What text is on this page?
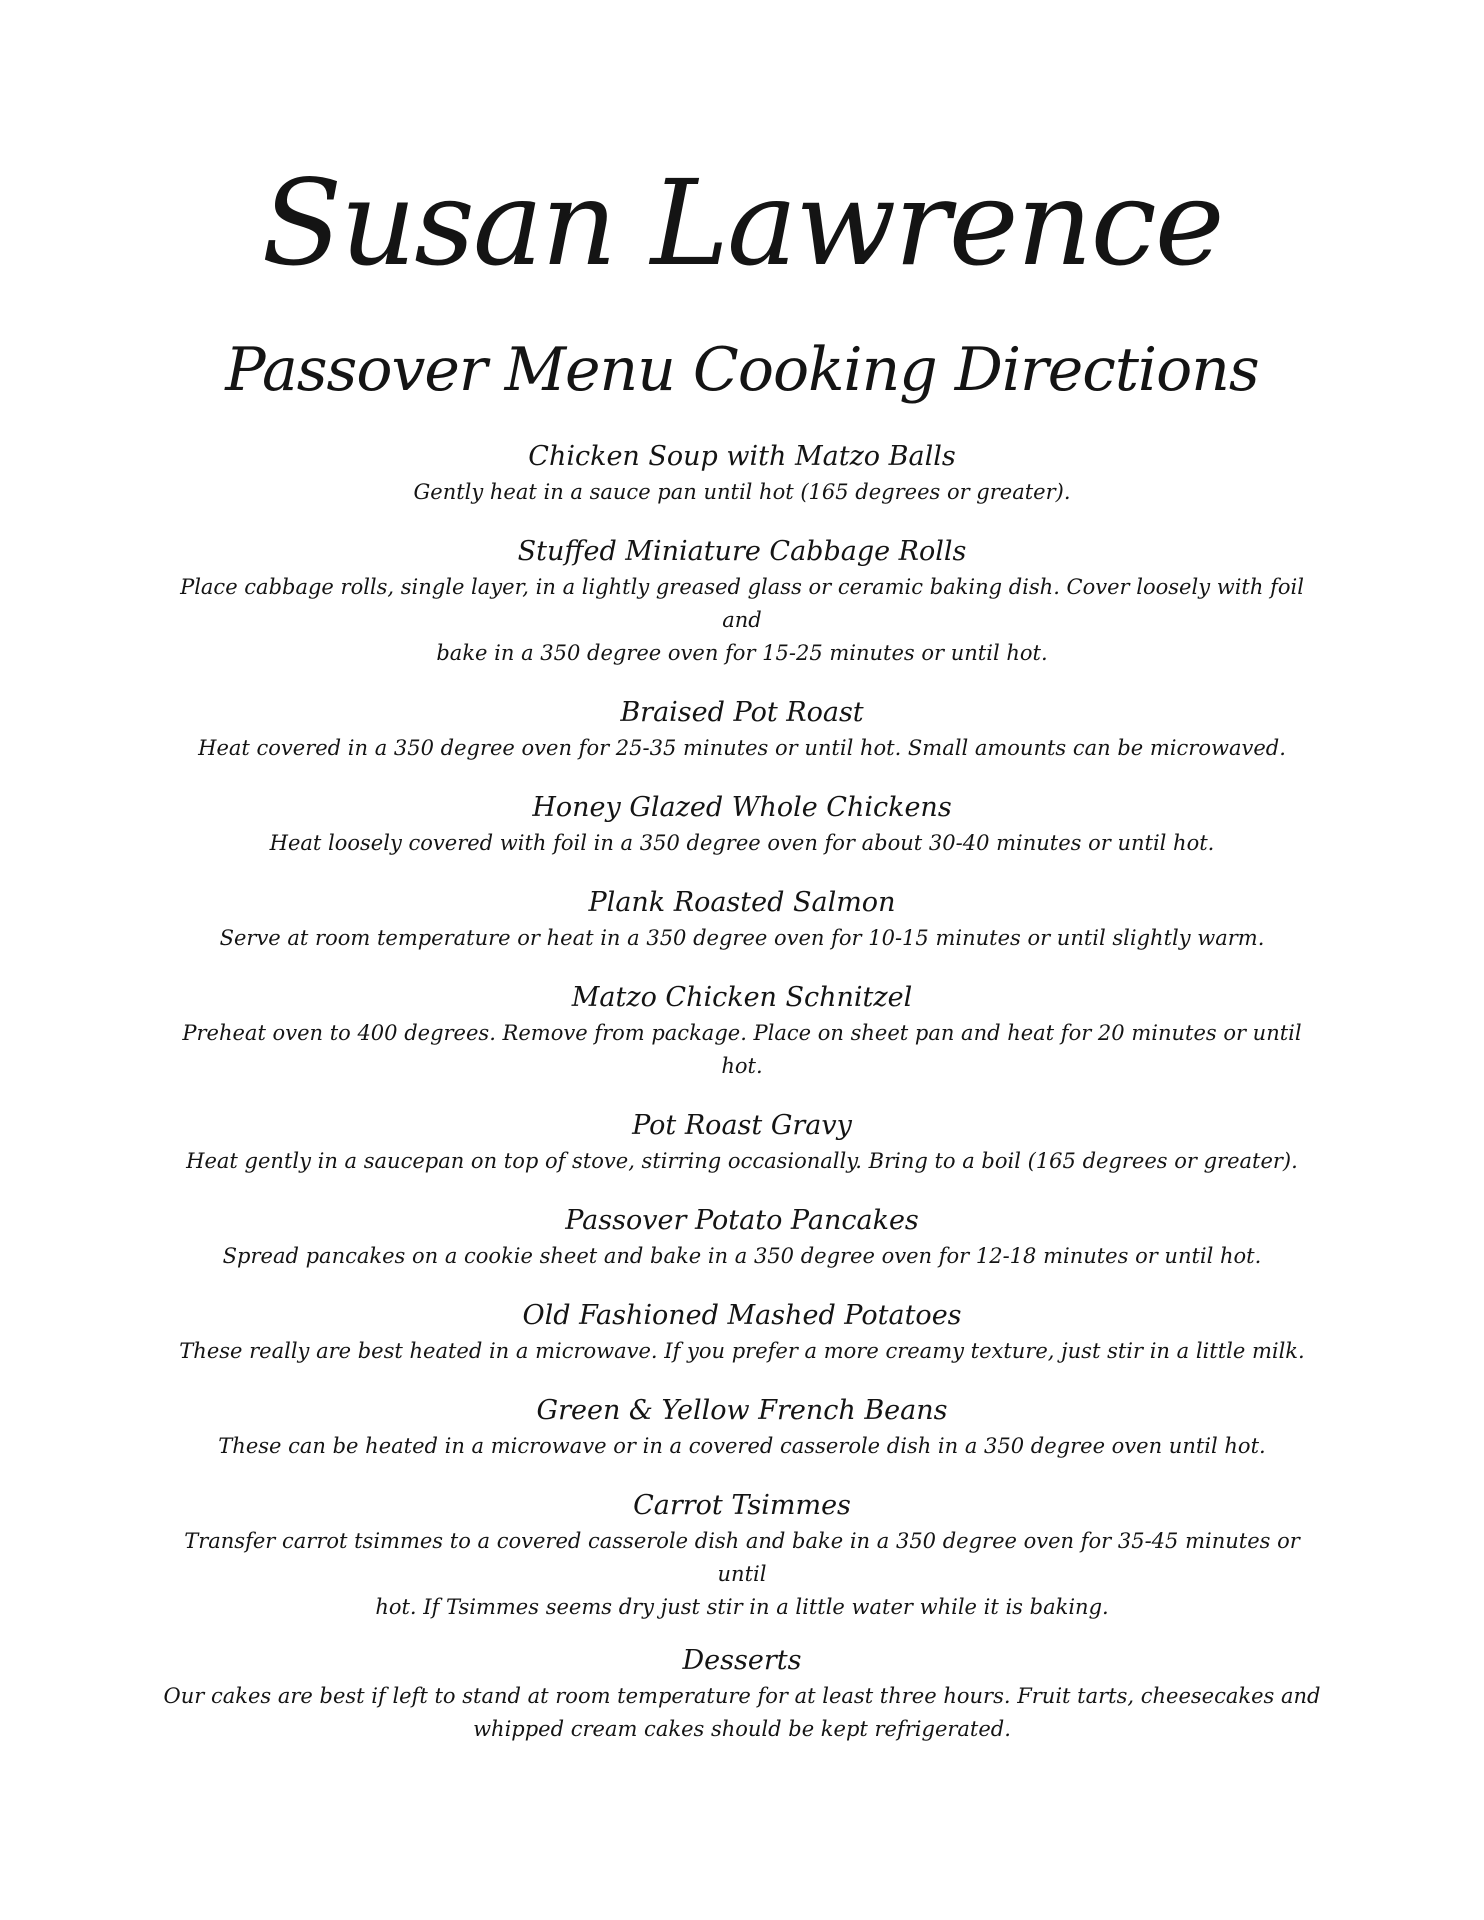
Susan Lawrence
Passover Menu Cooking Directions
Chicken Soup with Matzo Balls
Gently heat in a sauce pan until hot (165 degrees or greater).
Stuffed Miniature Cabbage Rolls
Place cabbage rolls, single layer, in a lightly greased glass or ceramic baking dish. Cover loosely with foil and
bake in a 350 degree oven for 15-25 minutes or until hot.
Braised Pot Roast
Heat covered in a 350 degree oven for 25-35 minutes or until hot. Small amounts can be microwaved.
Honey Glazed Whole Chickens
Heat loosely covered with foil in a 350 degree oven for about 30-40 minutes or until hot.
Plank Roasted Salmon
Serve at room temperature or heat in a 350 degree oven for 10-15 minutes or until slightly warm.
Matzo Chicken Schnitzel
Preheat oven to 400 degrees. Remove from package. Place on sheet pan and heat for 20 minutes or until hot.
Pot Roast Gravy
Heat gently in a saucepan on top of stove, stirring occasionally. Bring to a boil (165 degrees or greater).
Passover Potato Pancakes
Spread pancakes on a cookie sheet and bake in a 350 degree oven for 12-18 minutes or until hot.
Old Fashioned Mashed Potatoes
These really are best heated in a microwave. If you prefer a more creamy texture, just stir in a little milk.
Green & Yellow French Beans
These can be heated in a microwave or in a covered casserole dish in a 350 degree oven until hot.
Carrot Tsimmes
Transfer carrot tsimmes to a covered casserole dish and bake in a 350 degree oven for 35-45 minutes or until
hot. If Tsimmes seems dry just stir in a little water while it is baking.
Desserts
Our cakes are best if left to stand at room temperature for at least three hours. Fruit tarts, cheesecakes and
whipped cream cakes should be kept refrigerated.
